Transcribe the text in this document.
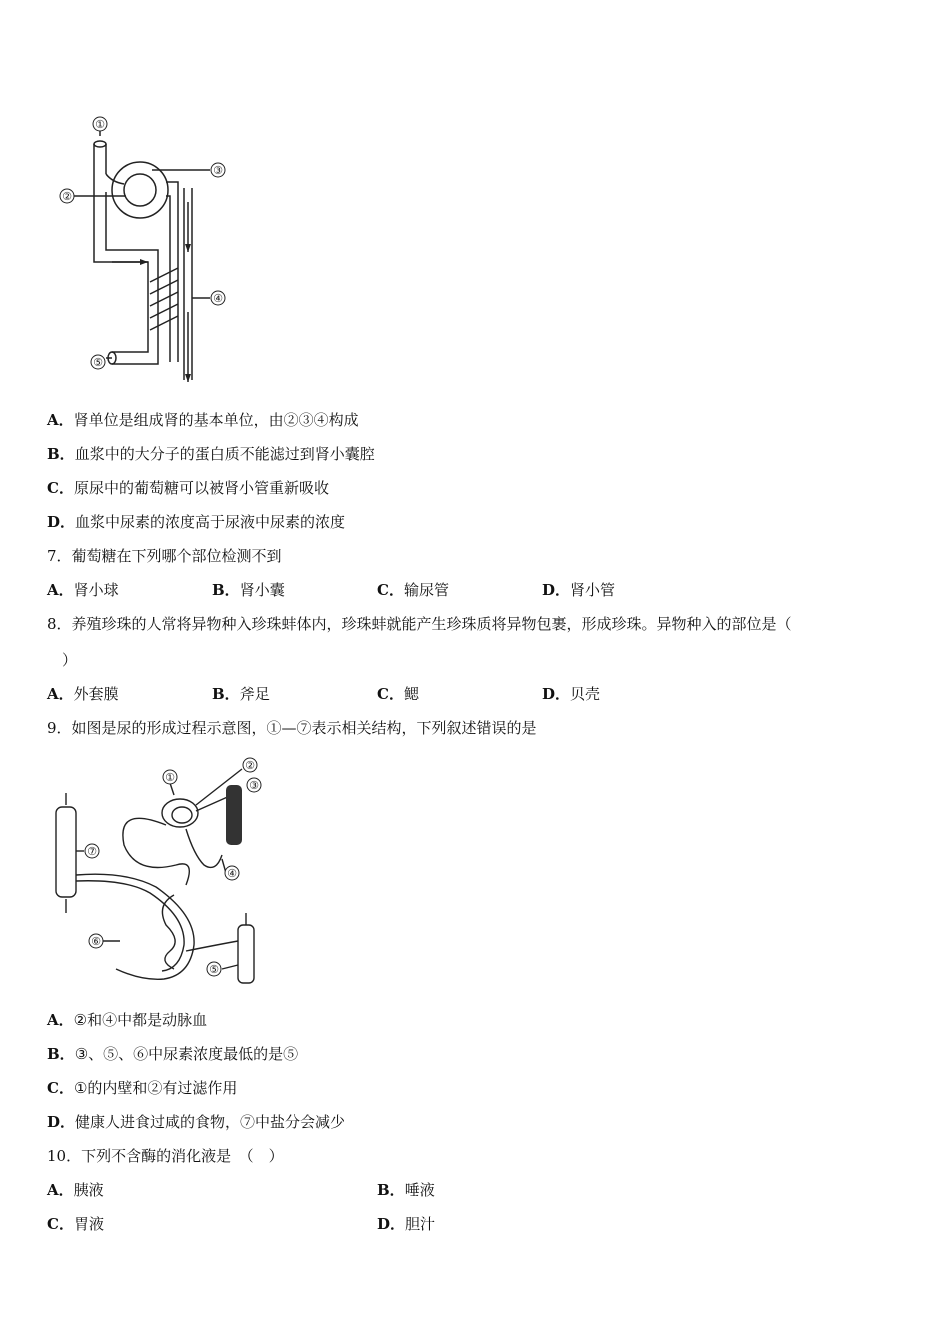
①
②
③
④
⑤
A．肾单位是组成肾的基本单位，由②③④构成
B．血浆中的大分子的蛋白质不能滤过到肾小囊腔
C．原尿中的葡萄糖可以被肾小管重新吸收
D．血浆中尿素的浓度高于尿液中尿素的浓度
7．葡萄糖在下列哪个部位检测不到
A．肾小球	B．肾小囊	C．输尿管	D．肾小管
8．养殖珍珠的人常将异物种入珍珠蚌体内，珍珠蚌就能产生珍珠质将异物包裹，形成珍珠。异物种入的部位是（
）
A．外套膜	B．斧足	C．鳃	D．贝壳
9．如图是尿的形成过程示意图，①—⑦表示相关结构，下列叙述错误的是
①
②
③
④
⑤
⑥
⑦
A．②和④中都是动脉血
B．③、⑤、⑥中尿素浓度最低的是⑤
C．①的内壁和②有过滤作用
D．健康人进食过咸的食物，⑦中盐分会减少
10．下列不含酶的消化液是　（　）
A．胰液	B．唾液
C．胃液	D．胆汁
